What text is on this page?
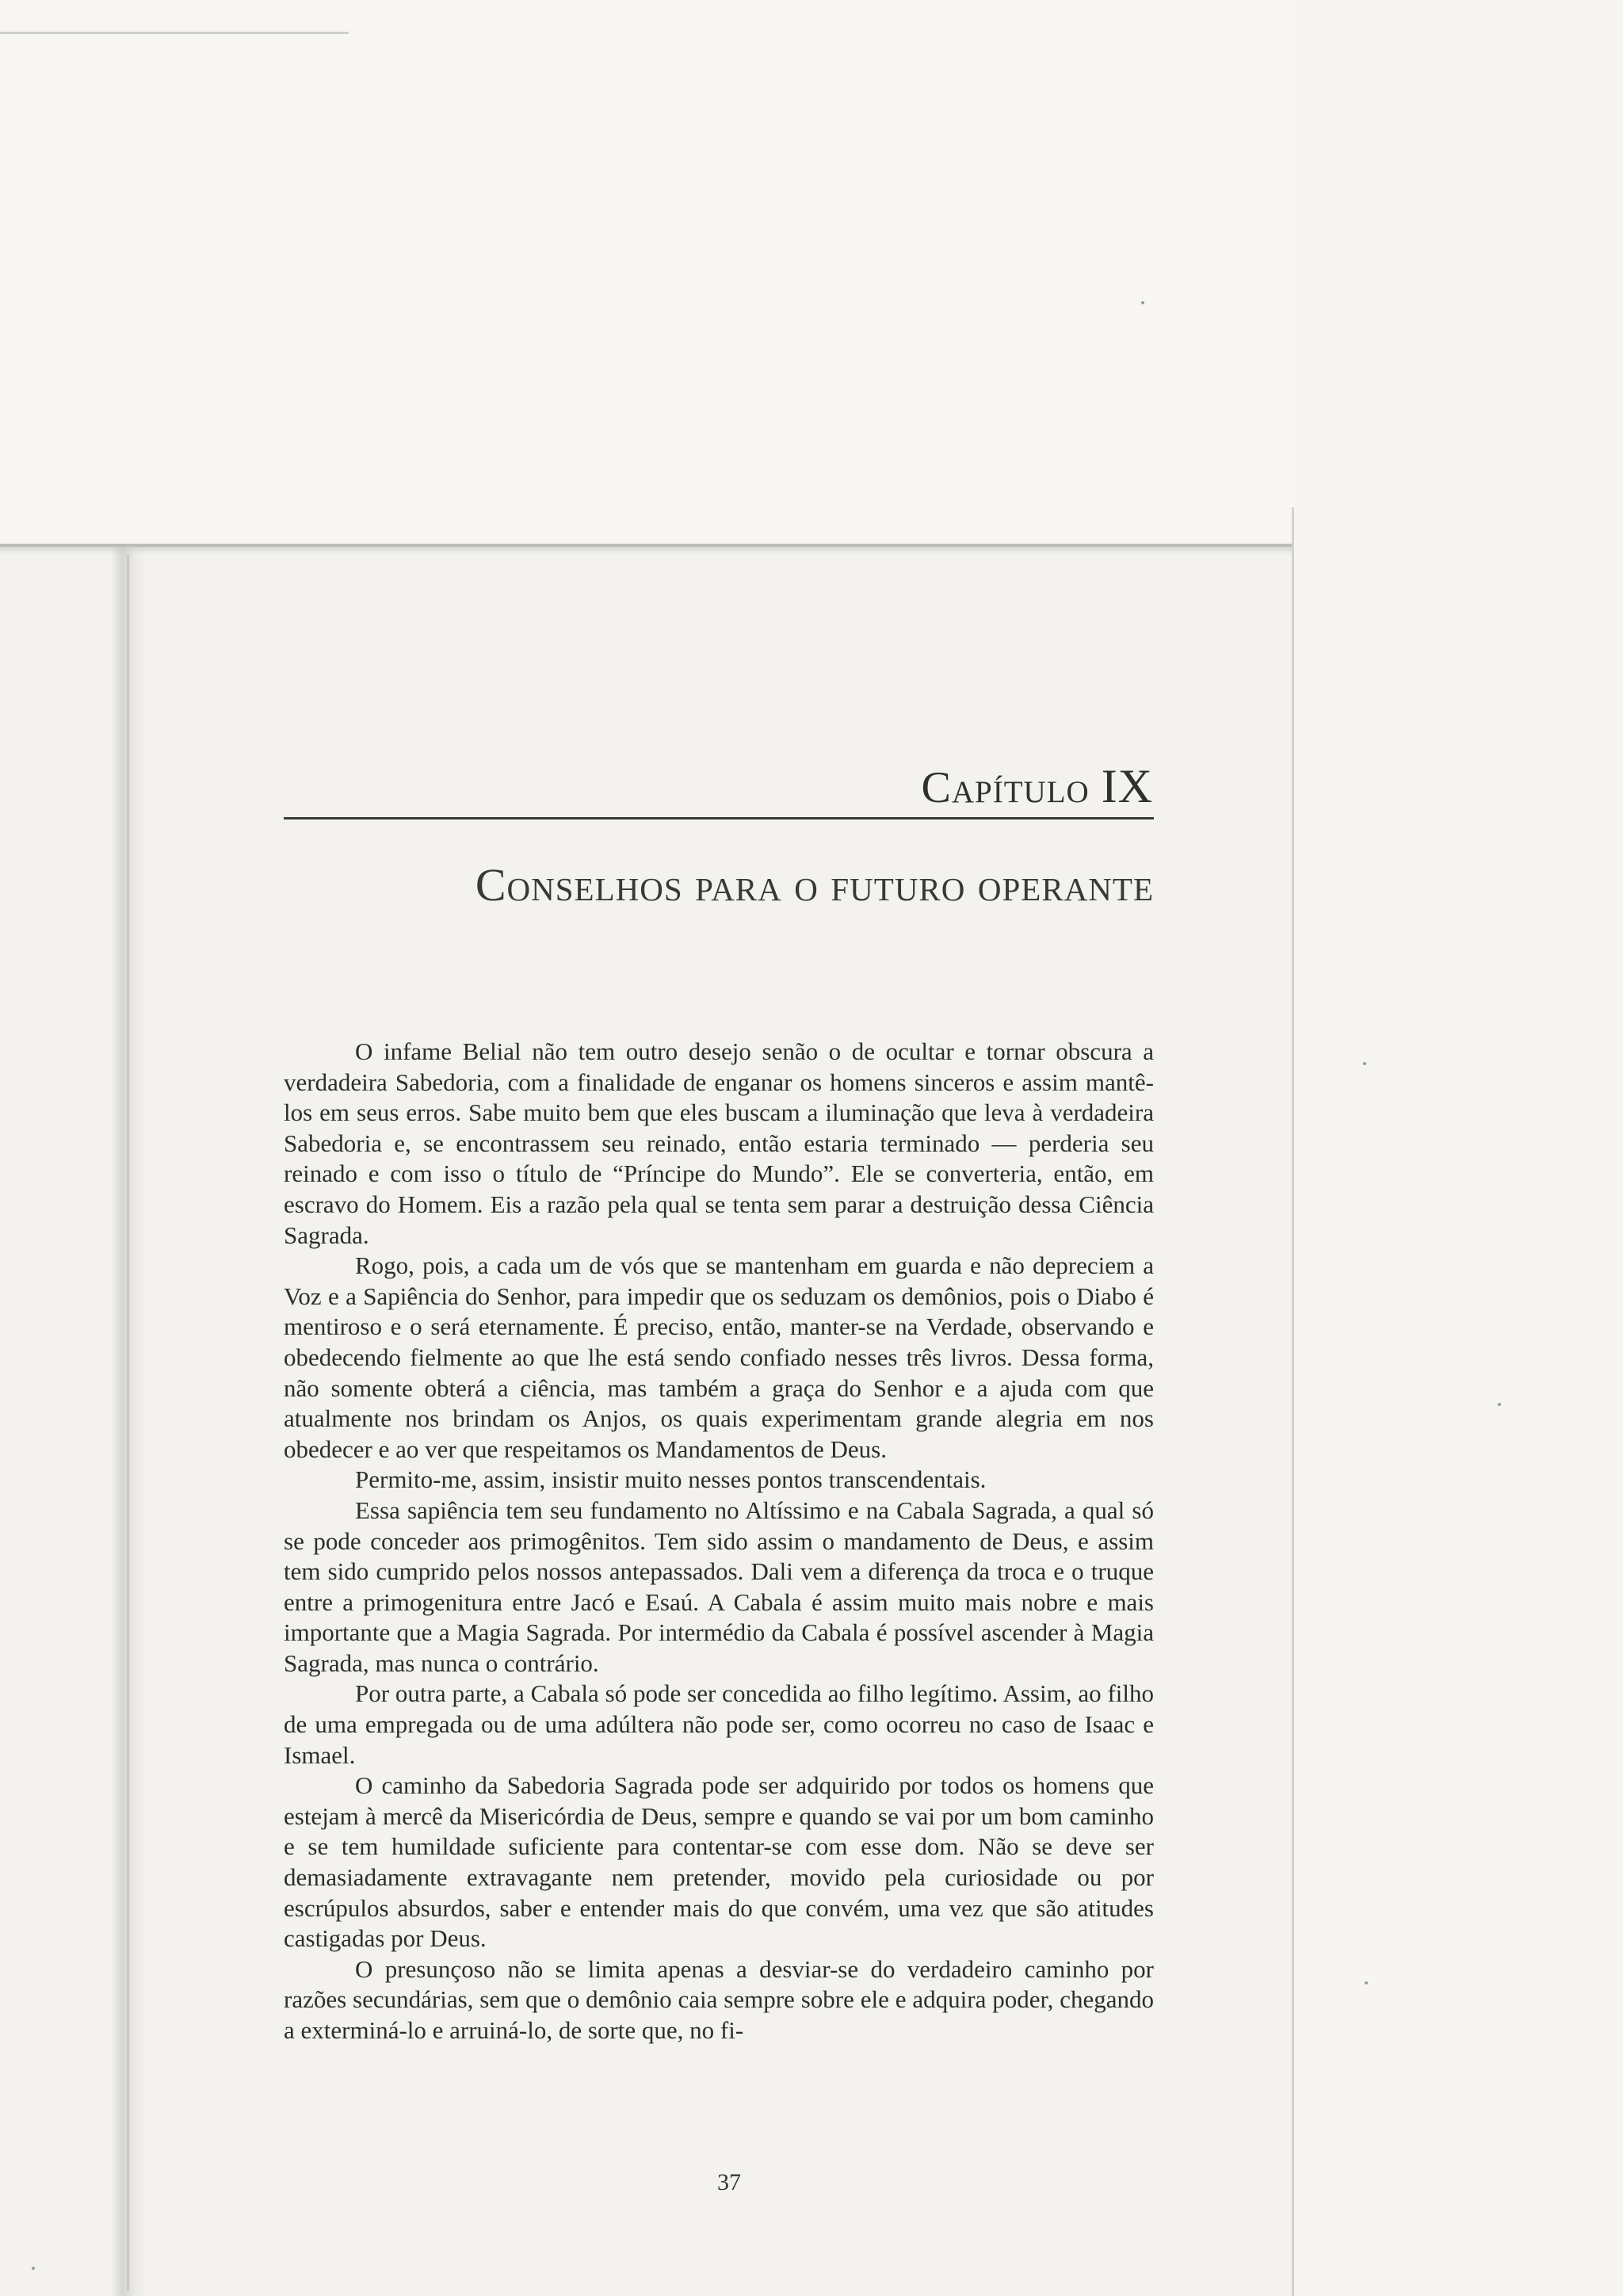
Capítulo IX
Conselhos para o futuro operante

O infame Belial não tem outro desejo senão o de ocultar e tornar obscura a verdadeira Sabedoria, com a finalidade de enganar os homens sinceros e assim mantê-los em seus erros. Sabe muito bem que eles buscam a iluminação que leva à verdadeira Sabedoria e, se encontrassem seu reinado, então estaria terminado — perderia seu reinado e com isso o título de “Príncipe do Mundo”. Ele se converteria, então, em escravo do Homem. Eis a razão pela qual se tenta sem parar a destruição dessa Ciência Sagrada.

Rogo, pois, a cada um de vós que se mantenham em guarda e não depreciem a Voz e a Sapiência do Senhor, para impedir que os seduzam os demônios, pois o Diabo é mentiroso e o será eternamente. É preciso, então, manter-se na Verdade, observando e obedecendo fielmente ao que lhe está sendo confiado nesses três livros. Dessa forma, não somente obterá a ciência, mas também a graça do Senhor e a ajuda com que atualmente nos brindam os Anjos, os quais experimentam grande alegria em nos obedecer e ao ver que respeitamos os Mandamentos de Deus.

Permito-me, assim, insistir muito nesses pontos transcendentais.

Essa sapiência tem seu fundamento no Altíssimo e na Cabala Sagrada, a qual só se pode conceder aos primogênitos. Tem sido assim o mandamento de Deus, e assim tem sido cumprido pelos nossos antepassados. Dali vem a diferença da troca e o truque entre a primogenitura entre Jacó e Esaú. A Cabala é assim muito mais nobre e mais importante que a Magia Sagrada. Por intermédio da Cabala é possível ascender à Magia Sagrada, mas nunca o contrário.

Por outra parte, a Cabala só pode ser concedida ao filho legítimo. Assim, ao filho de uma empregada ou de uma adúltera não pode ser, como ocorreu no caso de Isaac e Ismael.

O caminho da Sabedoria Sagrada pode ser adquirido por todos os homens que estejam à mercê da Misericórdia de Deus, sempre e quando se vai por um bom caminho e se tem humildade suficiente para contentar-se com esse dom. Não se deve ser demasiadamente extravagante nem pretender, movido pela curiosidade ou por escrúpulos absurdos, saber e entender mais do que convém, uma vez que são atitudes castigadas por Deus.

O presunçoso não se limita apenas a desviar-se do verdadeiro caminho por razões secundárias, sem que o demônio caia sempre sobre ele e adquira poder, chegando a exterminá-lo e arruiná-lo, de sorte que, no fi-

37
